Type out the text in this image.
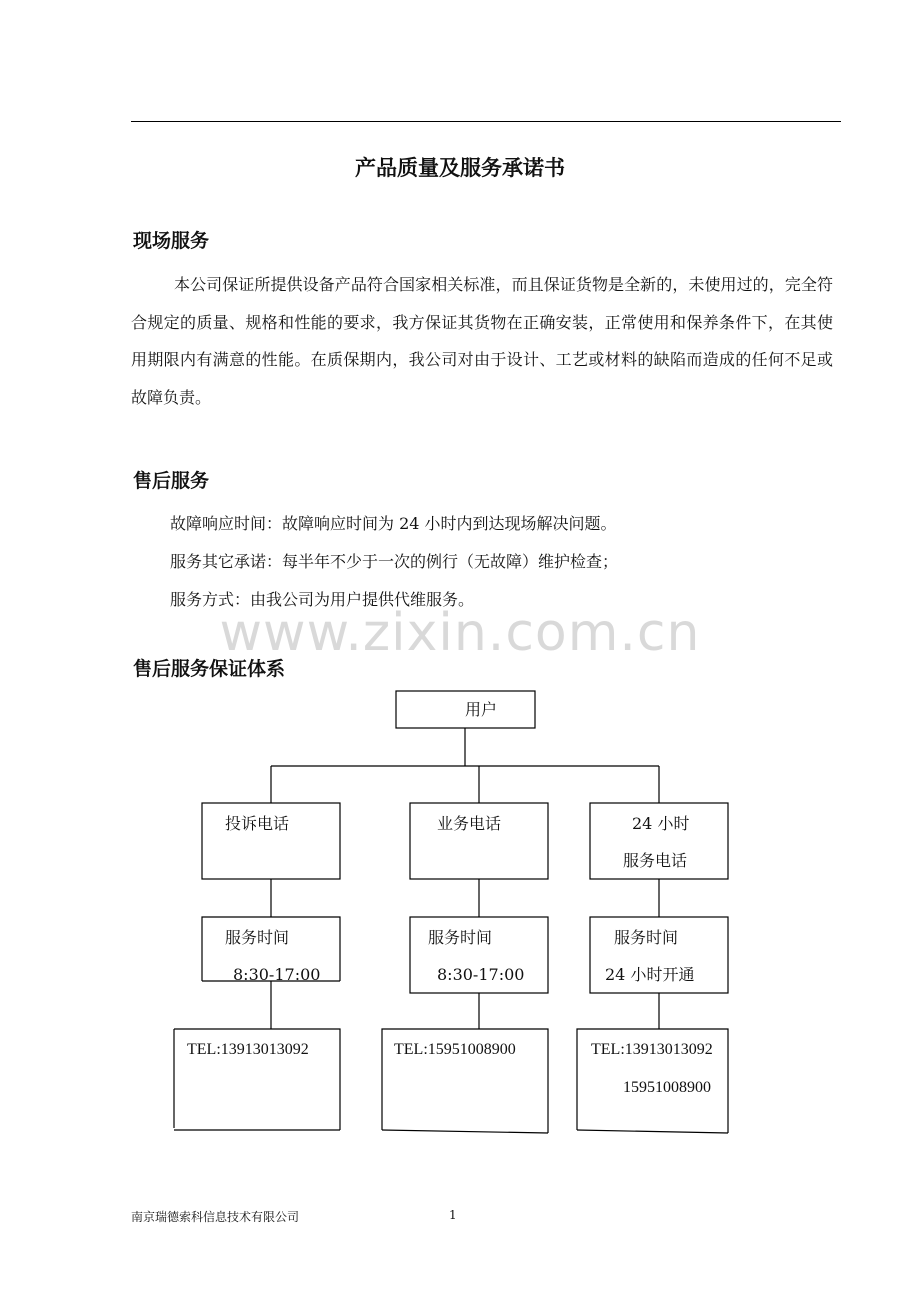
产品质量及服务承诺书
现场服务
本公司保证所提供设备产品符合国家相关标准，而且保证货物是全新的，未使用过的，完全符合规定的质量、规格和性能的要求，我方保证其货物在正确安装，正常使用和保养条件下，在其使用期限内有满意的性能。在质保期内，我公司对由于设计、工艺或材料的缺陷而造成的任何不足或故障负责。
售后服务
故障响应时间：故障响应时间为 24 小时内到达现场解决问题。
服务其它承诺：每半年不少于一次的例行（无故障）维护检查；
服务方式：由我公司为用户提供代维服务。
www.zixin.com.cn
售后服务保证体系
用户
投诉电话	业务电话	24 小时
服务电话
服务时间
8:30-17:00
服务时间
8:30-17:00
服务时间
24 小时开通
TEL:13913013092	TEL:15951008900	TEL:13913013092
15951008900
南京瑞德索科信息技术有限公司	1
